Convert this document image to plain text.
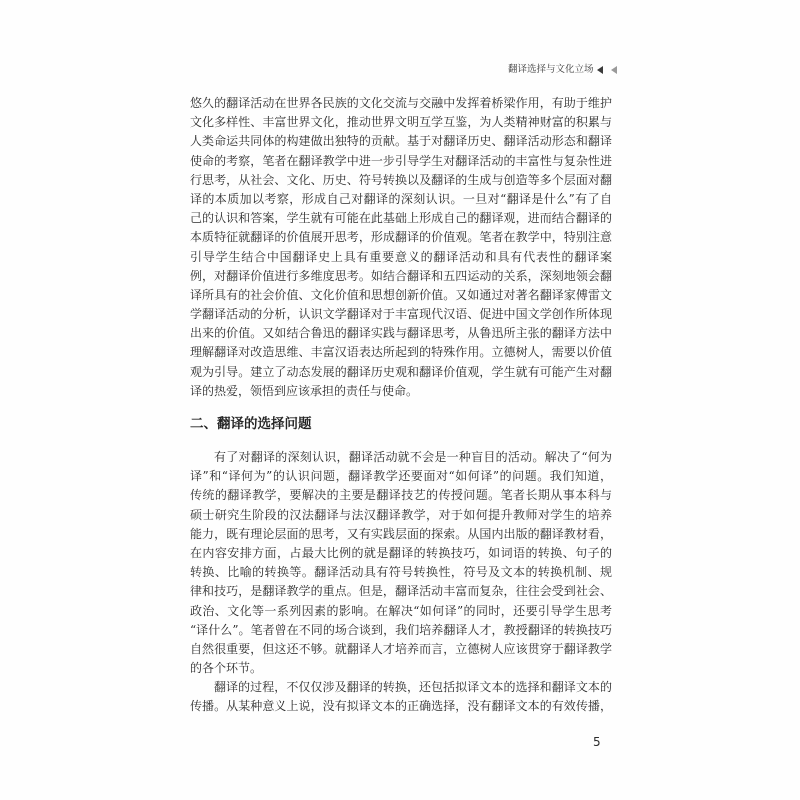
翻译选择与文化立场
悠久的翻译活动在世界各民族的文化交流与交融中发挥着桥梁作用，有助于维护
文化多样性、丰富世界文化，推动世界文明互学互鉴，为人类精神财富的积累与
人类命运共同体的构建做出独特的贡献。基于对翻译历史、翻译活动形态和翻译
使命的考察，笔者在翻译教学中进一步引导学生对翻译活动的丰富性与复杂性进
行思考，从社会、文化、历史、符号转换以及翻译的生成与创造等多个层面对翻
译的本质加以考察，形成自己对翻译的深刻认识。一旦对“翻译是什么”有了自
己的认识和答案，学生就有可能在此基础上形成自己的翻译观，进而结合翻译的
本质特征就翻译的价值展开思考，形成翻译的价值观。笔者在教学中，特别注意
引导学生结合中国翻译史上具有重要意义的翻译活动和具有代表性的翻译案
例，对翻译价值进行多维度思考。如结合翻译和五四运动的关系，深刻地领会翻
译所具有的社会价值、文化价值和思想创新价值。又如通过对著名翻译家傅雷文
学翻译活动的分析，认识文学翻译对于丰富现代汉语、促进中国文学创作所体现
出来的价值。又如结合鲁迅的翻译实践与翻译思考，从鲁迅所主张的翻译方法中
理解翻译对改造思维、丰富汉语表达所起到的特殊作用。立德树人，需要以价值
观为引导。建立了动态发展的翻译历史观和翻译价值观，学生就有可能产生对翻
译的热爱，领悟到应该承担的责任与使命。
二、翻译的选择问题
有了对翻译的深刻认识，翻译活动就不会是一种盲目的活动。解决了“何为
译”和“译何为”的认识问题，翻译教学还要面对“如何译”的问题。我们知道，
传统的翻译教学，要解决的主要是翻译技艺的传授问题。笔者长期从事本科与
硕士研究生阶段的汉法翻译与法汉翻译教学，对于如何提升教师对学生的培养
能力，既有理论层面的思考，又有实践层面的探索。从国内出版的翻译教材看，
在内容安排方面，占最大比例的就是翻译的转换技巧，如词语的转换、句子的
转换、比喻的转换等。翻译活动具有符号转换性，符号及文本的转换机制、规
律和技巧，是翻译教学的重点。但是，翻译活动丰富而复杂，往往会受到社会、
政治、文化等一系列因素的影响。在解决“如何译”的同时，还要引导学生思考
“译什么”。笔者曾在不同的场合谈到，我们培养翻译人才，教授翻译的转换技巧
自然很重要，但这还不够。就翻译人才培养而言，立德树人应该贯穿于翻译教学
的各个环节。
翻译的过程，不仅仅涉及翻译的转换，还包括拟译文本的选择和翻译文本的
传播。从某种意义上说，没有拟译文本的正确选择，没有翻译文本的有效传播，
5
